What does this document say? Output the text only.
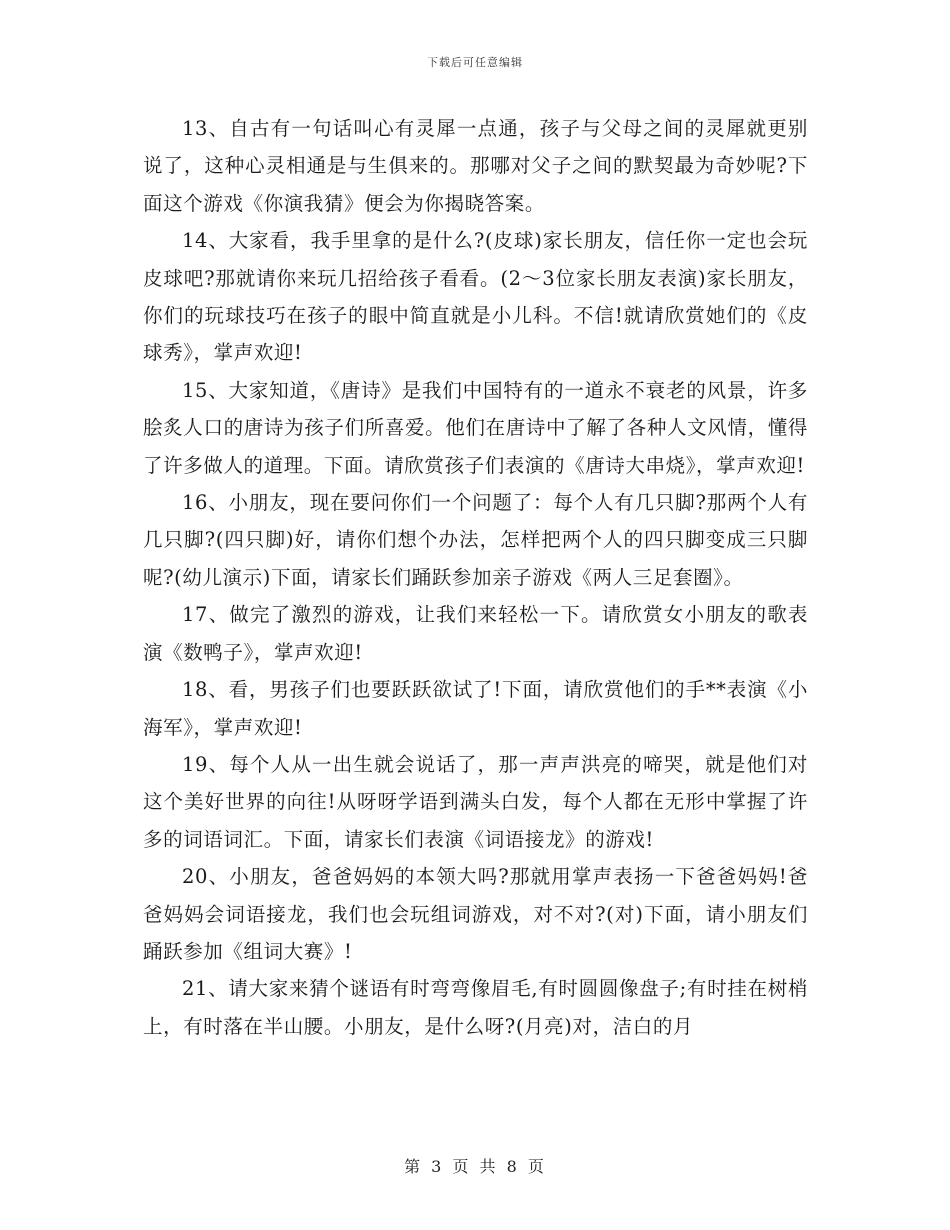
下载后可任意编辑

13、自古有一句话叫心有灵犀一点通，孩子与父母之间的灵犀就更别说了，这种心灵相通是与生俱来的。那哪对父子之间的默契最为奇妙呢?下面这个游戏《你演我猜》便会为你揭晓答案。

14、大家看，我手里拿的是什么?(皮球)家长朋友，信任你一定也会玩皮球吧?那就请你来玩几招给孩子看看。(2～3位家长朋友表演)家长朋友，你们的玩球技巧在孩子的眼中简直就是小儿科。不信!就请欣赏她们的《皮球秀》，掌声欢迎!

15、大家知道，《唐诗》是我们中国特有的一道永不衰老的风景，许多脍炙人口的唐诗为孩子们所喜爱。他们在唐诗中了解了各种人文风情，懂得了许多做人的道理。下面。请欣赏孩子们表演的《唐诗大串烧》，掌声欢迎!

16、小朋友，现在要问你们一个问题了：每个人有几只脚?那两个人有几只脚?(四只脚)好，请你们想个办法，怎样把两个人的四只脚变成三只脚呢?(幼儿演示)下面，请家长们踊跃参加亲子游戏《两人三足套圈》。

17、做完了激烈的游戏，让我们来轻松一下。请欣赏女小朋友的歌表演《数鸭子》，掌声欢迎!

18、看，男孩子们也要跃跃欲试了!下面，请欣赏他们的手**表演《小海军》，掌声欢迎!

19、每个人从一出生就会说话了，那一声声洪亮的啼哭，就是他们对这个美好世界的向往!从呀呀学语到满头白发，每个人都在无形中掌握了许多的词语词汇。下面，请家长们表演《词语接龙》的游戏!

20、小朋友，爸爸妈妈的本领大吗?那就用掌声表扬一下爸爸妈妈!爸爸妈妈会词语接龙，我们也会玩组词游戏，对不对?(对)下面，请小朋友们踊跃参加《组词大赛》!

21、请大家来猜个谜语有时弯弯像眉毛,有时圆圆像盘子;有时挂在树梢上，有时落在半山腰。小朋友，是什么呀?(月亮)对，洁白的月

第 3 页 共 8 页
